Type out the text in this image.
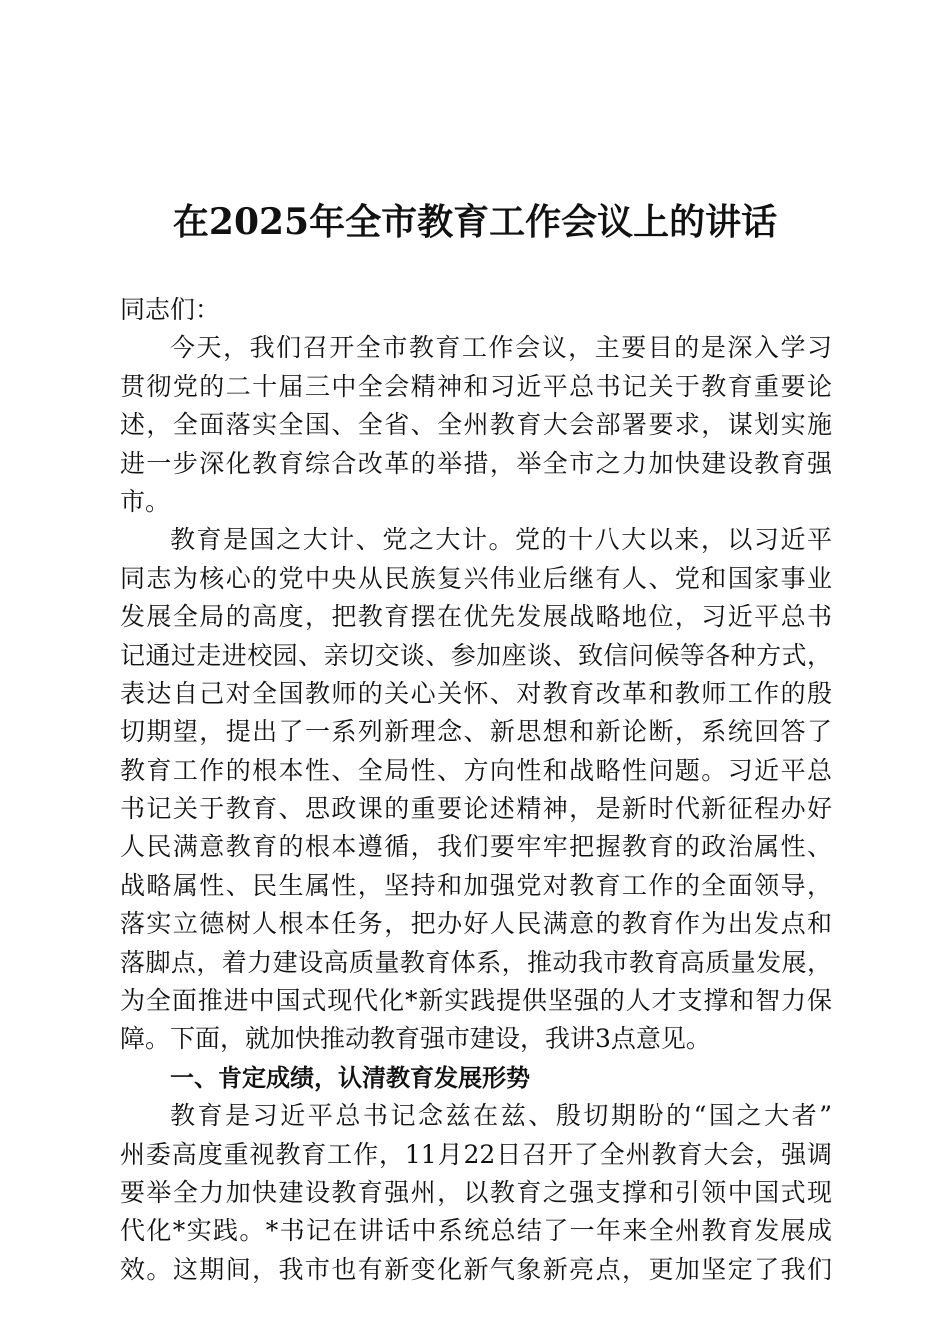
在2025年全市教育工作会议上的讲话

同志们：

今天，我们召开全市教育工作会议，主要目的是深入学习

贯彻党的二十届三中全会精神和习近平总书记关于教育重要论

述，全面落实全国、全省、全州教育大会部署要求，谋划实施

进一步深化教育综合改革的举措，举全市之力加快建设教育强

市。

教育是国之大计、党之大计。党的十八大以来，以习近平

同志为核心的党中央从民族复兴伟业后继有人、党和国家事业

发展全局的高度，把教育摆在优先发展战略地位，习近平总书

记通过走进校园、亲切交谈、参加座谈、致信问候等各种方式，

表达自己对全国教师的关心关怀、对教育改革和教师工作的殷

切期望，提出了一系列新理念、新思想和新论断，系统回答了

教育工作的根本性、全局性、方向性和战略性问题。习近平总

书记关于教育、思政课的重要论述精神，是新时代新征程办好

人民满意教育的根本遵循，我们要牢牢把握教育的政治属性、

战略属性、民生属性，坚持和加强党对教育工作的全面领导，

落实立德树人根本任务，把办好人民满意的教育作为出发点和

落脚点，着力建设高质量教育体系，推动我市教育高质量发展，

为全面推进中国式现代化*新实践提供坚强的人才支撑和智力保

障。下面，就加快推动教育强市建设，我讲3点意见。

一、肯定成绩，认清教育发展形势

教育是习近平总书记念兹在兹、殷切期盼的“国之大者”

州委高度重视教育工作，11月22日召开了全州教育大会，强调

要举全力加快建设教育强州，以教育之强支撑和引领中国式现

代化*实践。*书记在讲话中系统总结了一年来全州教育发展成

效。这期间，我市也有新变化新气象新亮点，更加坚定了我们
